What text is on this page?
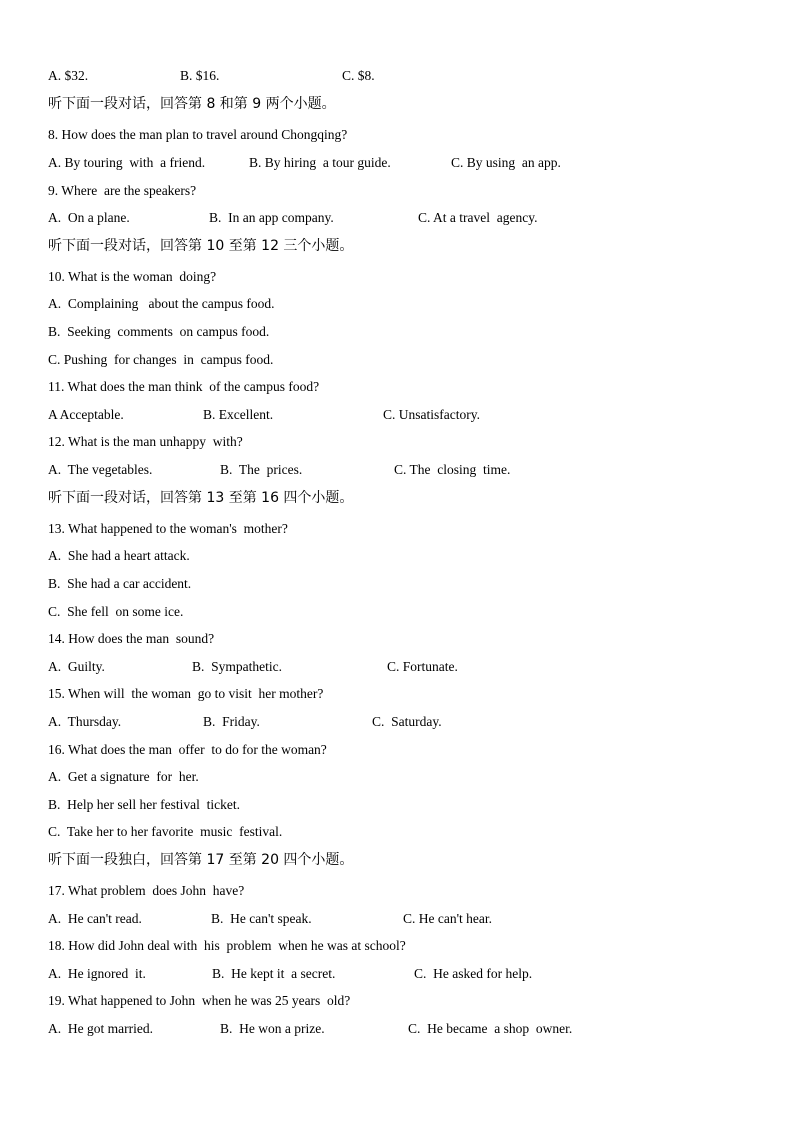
A. $32.	B. $16.	C. $8.
听下面一段对话，回答第 8 和第 9 两个小题。
8. How does the man plan to travel around Chongqing?
A. By touring  with  a friend.	B. By hiring  a tour guide.	C. By using  an app.
9. Where  are the speakers?
A.  On a plane.	B.  In an app company.	C. At a travel  agency.
听下面一段对话，回答第 10 至第 12 三个小题。
10. What is the woman  doing?
A.  Complaining   about the campus food.
B.  Seeking  comments  on campus food.
C. Pushing  for changes  in  campus food.
11. What does the man think  of the campus food?
A Acceptable.	B. Excellent.	C. Unsatisfactory.
12. What is the man unhappy  with?
A.  The vegetables.	B.  The  prices.	C. The  closing  time.
听下面一段对话，回答第 13 至第 16 四个小题。
13. What happened to the woman's  mother?
A.  She had a heart attack.
B.  She had a car accident.
C.  She fell  on some ice.
14. How does the man  sound?
A.  Guilty.	B.  Sympathetic.	C. Fortunate.
15. When will  the woman  go to visit  her mother?
A.  Thursday.	B.  Friday.	C.  Saturday.
16. What does the man  offer  to do for the woman?
A.  Get a signature  for  her.
B.  Help her sell her festival  ticket.
C.  Take her to her favorite  music  festival.
听下面一段独白，回答第 17 至第 20 四个小题。
17. What problem  does John  have?
A.  He can't read.	B.  He can't speak.	C. He can't hear.
18. How did John deal with  his  problem  when he was at school?
A.  He ignored  it.	B.  He kept it  a secret.	C.  He asked for help.
19. What happened to John  when he was 25 years  old?
A.  He got married.	B.  He won a prize.	C.  He became  a shop  owner.
